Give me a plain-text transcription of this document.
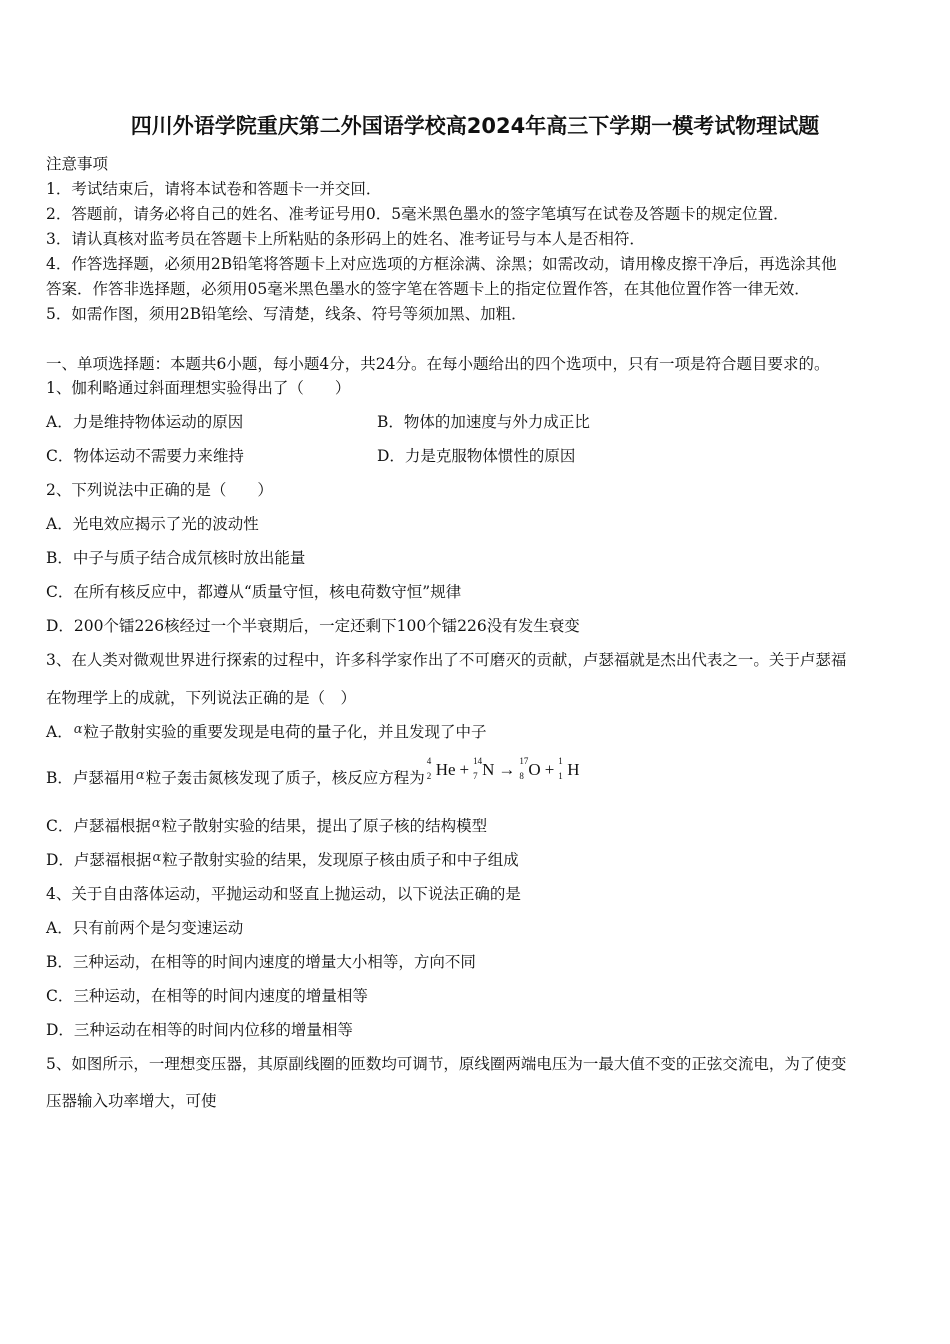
四川外语学院重庆第二外国语学校高2024年高三下学期一模考试物理试题
注意事项
1．考试结束后，请将本试卷和答题卡一并交回．
2．答题前，请务必将自己的姓名、准考证号用0．5毫米黑色墨水的签字笔填写在试卷及答题卡的规定位置．
3．请认真核对监考员在答题卡上所粘贴的条形码上的姓名、准考证号与本人是否相符．
4．作答选择题，必须用2B铅笔将答题卡上对应选项的方框涂满、涂黑；如需改动，请用橡皮擦干净后，再选涂其他
答案．作答非选择题，必须用05毫米黑色墨水的签字笔在答题卡上的指定位置作答，在其他位置作答一律无效．
5．如需作图，须用2B铅笔绘、写清楚，线条、符号等须加黑、加粗．
一、单项选择题：本题共6小题，每小题4分，共24分。在每小题给出的四个选项中，只有一项是符合题目要求的。
1、伽利略通过斜面理想实验得出了（　　）
A．力是维持物体运动的原因	B．物体的加速度与外力成正比
C．物体运动不需要力来维持	D．力是克服物体惯性的原因
2、下列说法中正确的是（　　）
A．光电效应揭示了光的波动性
B．中子与质子结合成氘核时放出能量
C．在所有核反应中，都遵从“质量守恒，核电荷数守恒”规律
D．200个镭226核经过一个半衰期后，一定还剩下100个镭226没有发生衰变
3、在人类对微观世界进行探索的过程中，许多科学家作出了不可磨灭的贡献，卢瑟福就是杰出代表之一。关于卢瑟福
在物理学上的成就，下列说法正确的是（　）
A．$^\alpha$粒子散射实验的重要发现是电荷的量子化，并且发现了中子
B．卢瑟福用$^\alpha$粒子轰击氮核发现了质子，核反应方程为
4
2 He + 14
7 N → 17
8 O + 1
1 H
C．卢瑟福根据$^\alpha$粒子散射实验的结果，提出了原子核的结构模型
D．卢瑟福根据$^\alpha$粒子散射实验的结果，发现原子核由质子和中子组成
4、关于自由落体运动，平抛运动和竖直上抛运动，以下说法正确的是
A．只有前两个是匀变速运动
B．三种运动，在相等的时间内速度的增量大小相等，方向不同
C．三种运动，在相等的时间内速度的增量相等
D．三种运动在相等的时间内位移的增量相等
5、如图所示，一理想变压器，其原副线圈的匝数均可调节，原线圈两端电压为一最大值不变的正弦交流电，为了使变
压器输入功率增大，可使
